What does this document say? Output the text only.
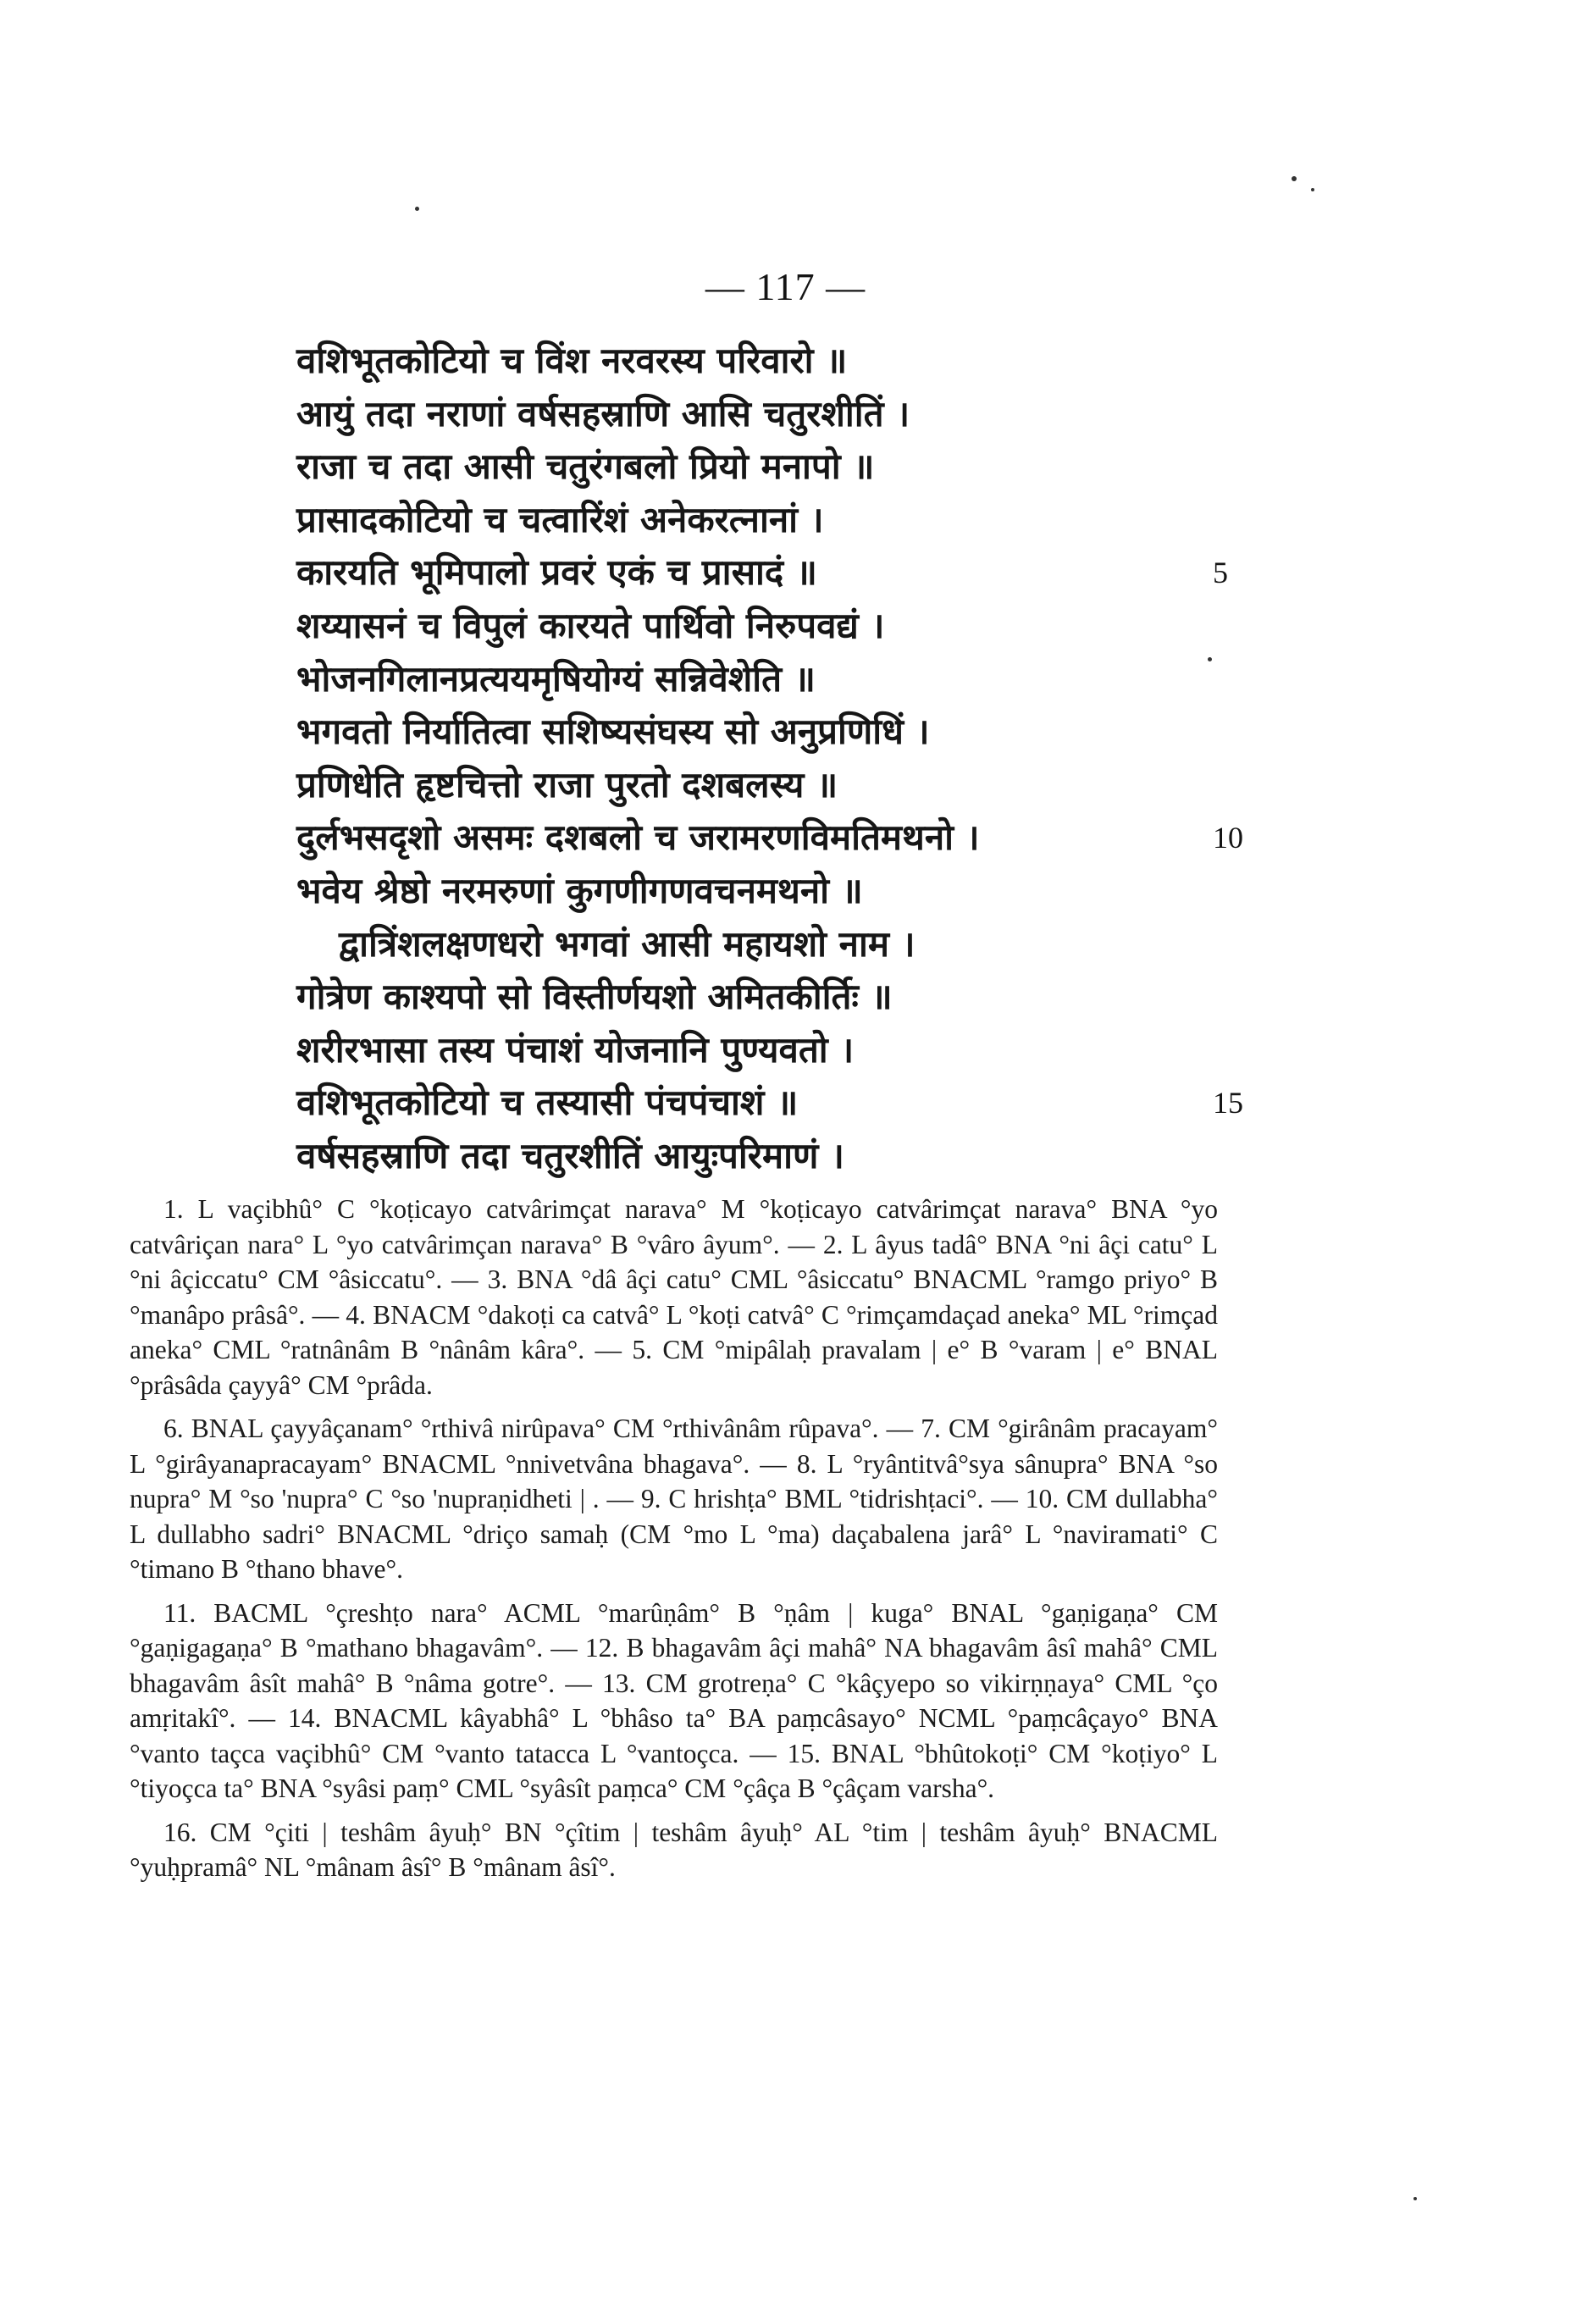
— 117 —
वशिभूतकोटियो च विंश नरवरस्य परिवारो ॥
आयुं तदा नराणां वर्षसहस्राणि आसि चतुरशीतिं ।
राजा च तदा आसी चतुरंगबलो प्रियो मनापो ॥
प्रासादकोटियो च चत्वारिंशं अनेकरत्नानां ।
कारयति भूमिपालो प्रवरं एकं च प्रासादं ॥	5
शय्यासनं च विपुलं कारयते पार्थिवो निरुपवद्यं ।
भोजनगिलानप्रत्ययमृषियोग्यं सन्निवेशेति ॥
भगवतो निर्यातित्वा सशिष्यसंघस्य सो अनुप्रणिधिं ।
प्रणिधेति हृष्टचित्तो राजा पुरतो दशबलस्य ॥
दुर्लभसदृशो असमः दशबलो च जरामरणविमतिमथनो ।	10
भवेय श्रेष्ठो नरमरुणां कुगणीगणवचनमथनो ॥
द्वात्रिंशलक्षणधरो भगवां आसी महायशो नाम ।
गोत्रेण काश्यपो सो विस्तीर्णयशो अमितकीर्तिः ॥
शरीरभासा तस्य पंचाशं योजनानि पुण्यवतो ।
वशिभूतकोटियो च तस्यासी पंचपंचाशं ॥	15
वर्षसहस्राणि तदा चतुरशीतिं आयुःपरिमाणं ।

1. L vaçibhû° C °koṭicayo catvârimçat narava° M °koṭicayo catvârimçat narava° BNA °yo catvâriçan nara° L °yo catvârimçan narava° B °vâro âyum°. — 2. L âyus tadâ° BNA °ni âçi catu° L °ni âçiccatu° CM °âsiccatu°. — 3. BNA °dâ âçi catu° CML °âsiccatu° BNACML °ramgo priyo° B °manâpo prâsâ°. — 4. BNACM °dakoṭi ca catvâ° L °koṭi catvâ° C °rimçamdaçad aneka° ML °rimçad aneka° CML °ratnânâm B °nânâm kâra°. — 5. CM °mipâlaḥ pravalam | e° B °varam | e° BNAL °prâsâda çayyâ° CM °prâda.

6. BNAL çayyâçanam° °rthivâ nirûpava° CM °rthivânâm rûpava°. — 7. CM °girânâm pracayam° L °girâyanapracayam° BNACML °nnivetvâna bhagava°. — 8. L °ryântitvâ°sya sânupra° BNA °so nupra° M °so 'nupra° C °so 'nupraṇidheti | . — 9. C hrishṭa° BML °tidrishṭaci°. — 10. CM dullabha° L dullabho sadri° BNACML °driço samaḥ (CM °mo L °ma) daçabalena jarâ° L °naviramati° C °timano B °thano bhave°.

11. BACML °çreshṭo nara° ACML °marûṇâm° B °ṇâm | kuga° BNAL °gaṇigaṇa° CM °gaṇigagaṇa° B °mathano bhagavâm°. — 12. B bhagavâm âçi mahâ° NA bhagavâm âsî mahâ° CML bhagavâm âsît mahâ° B °nâma gotre°. — 13. CM grotreṇa° C °kâçyepo so vikirṇṇaya° CML °ço amṛitakî°. — 14. BNACML kâyabhâ° L °bhâso ta° BA paṃcâsayo° NCML °paṃcâçayo° BNA °vanto taçca vaçibhû° CM °vanto tatacca L °vantoçca. — 15. BNAL °bhûtokoṭi° CM °koṭiyo° L °tiyoçca ta° BNA °syâsi paṃ° CML °syâsît paṃca° CM °çâça B °çâçam varsha°.

16. CM °çiti | teshâm âyuḥ° BN °çîtim | teshâm âyuḥ° AL °tim | teshâm âyuḥ° BNACML °yuḥpramâ° NL °mânam âsî° B °mânam âsî°.
